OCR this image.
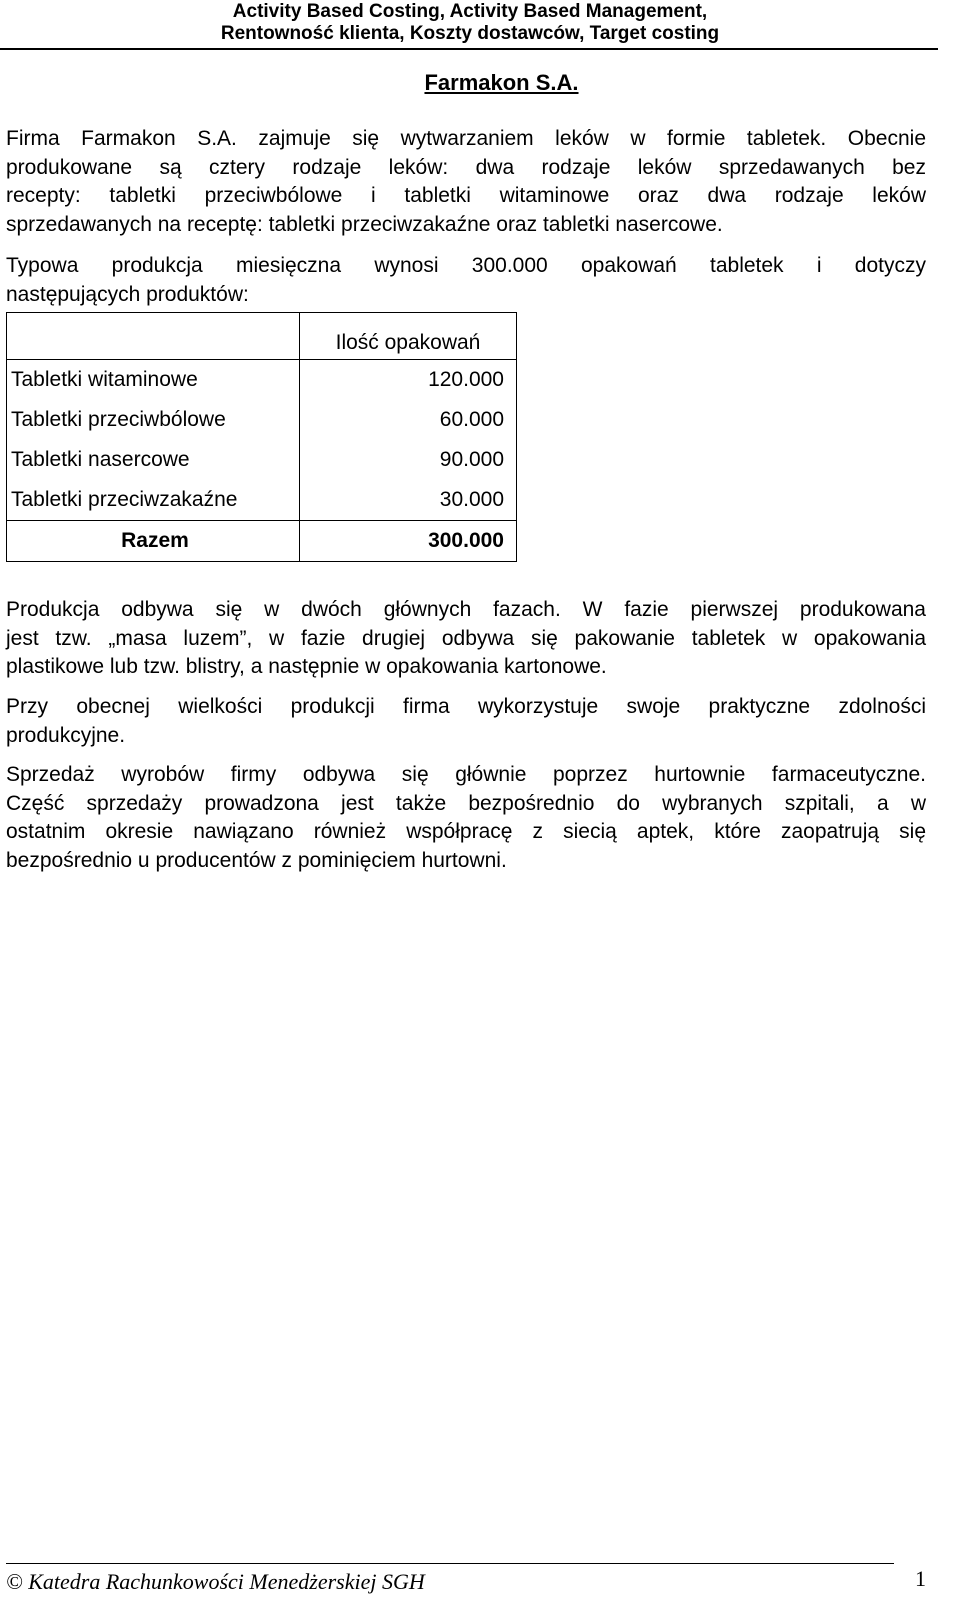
Activity Based Costing, Activity Based Management,
Rentowność klienta, Koszty dostawców, Target costing
Farmakon S.A.
Firma Farmakon S.A. zajmuje się wytwarzaniem leków w formie tabletek. Obecnie
produkowane są cztery rodzaje leków: dwa rodzaje leków sprzedawanych bez
recepty: tabletki przeciwbólowe i tabletki witaminowe oraz dwa rodzaje leków
sprzedawanych na receptę: tabletki przeciwzakaźne oraz tabletki nasercowe.
Typowa produkcja miesięczna wynosi 300.000 opakowań tabletek i dotyczy
następujących produktów:
	Ilość opakowań
Tabletki witaminowe	120.000
Tabletki przeciwbólowe	60.000
Tabletki nasercowe	90.000
Tabletki przeciwzakaźne	30.000
Razem	300.000
Produkcja odbywa się w dwóch głównych fazach. W fazie pierwszej produkowana
jest tzw. „masa luzem”, w fazie drugiej odbywa się pakowanie tabletek w opakowania
plastikowe lub tzw. blistry, a następnie w opakowania kartonowe.
Przy obecnej wielkości produkcji firma wykorzystuje swoje praktyczne zdolności
produkcyjne.
Sprzedaż wyrobów firmy odbywa się głównie poprzez hurtownie farmaceutyczne.
Część sprzedaży prowadzona jest także bezpośrednio do wybranych szpitali, a w
ostatnim okresie nawiązano również współpracę z siecią aptek, które zaopatrują się
bezpośrednio u producentów z pominięciem hurtowni.
© Katedra Rachunkowości Menedżerskiej SGH	1
